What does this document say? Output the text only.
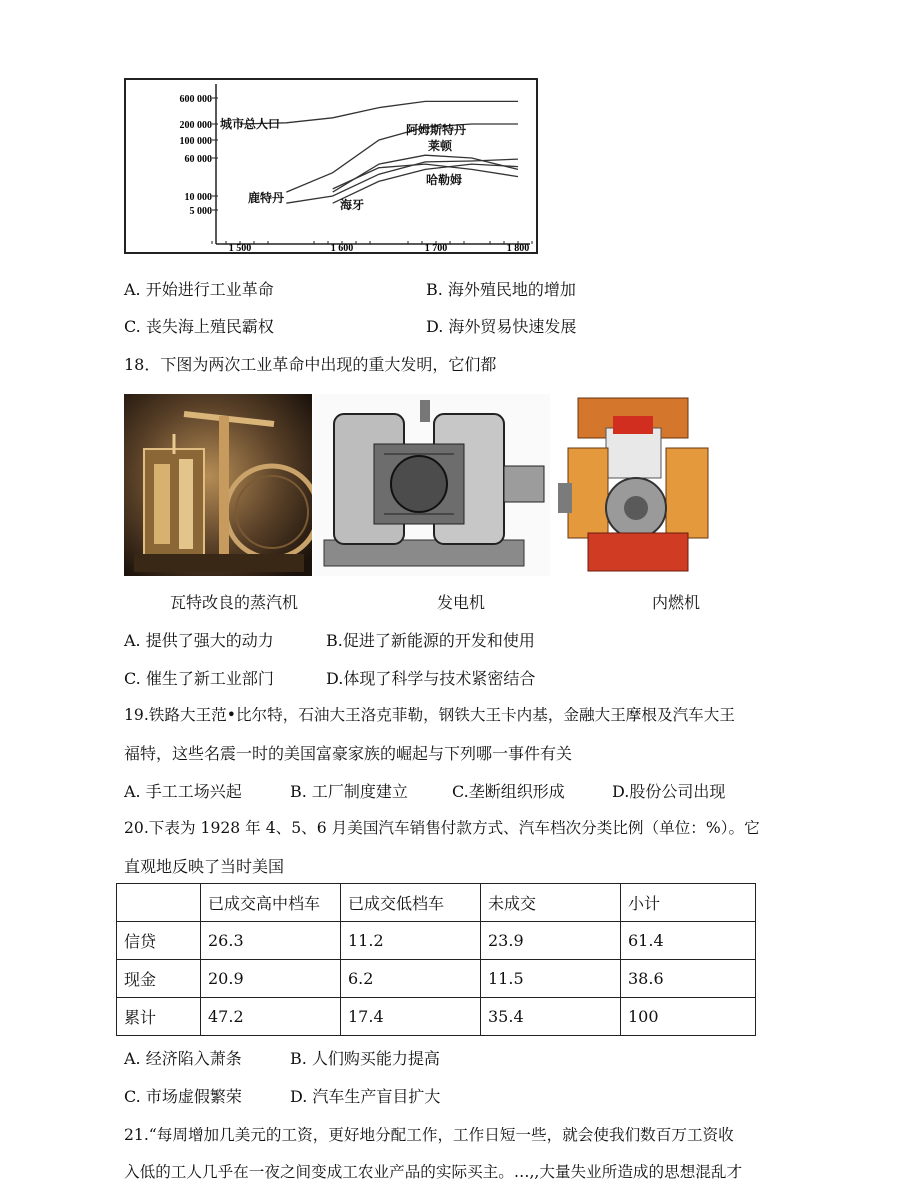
600 000
200 000
100 000
60 000
10 000
5 000
1 500	1 600	1 700	1 800
城市总人口	阿姆斯特丹
莱顿
哈勒姆
鹿特丹	海牙
A. 开始进行工业革命	B. 海外殖民地的增加
C. 丧失海上殖民霸权	D. 海外贸易快速发展
18．下图为两次工业革命中出现的重大发明，它们都
瓦特改良的蒸汽机	发电机	内燃机
A. 提供了强大的动力	B.促进了新能源的开发和使用
C. 催生了新工业部门	D.体现了科学与技术紧密结合
19.铁路大王范•比尔特，石油大王洛克菲勒，钢铁大王卡内基，金融大王摩根及汽车大王
福特，这些名震一时的美国富豪家族的崛起与下列哪一事件有关
A. 手工工场兴起	B. 工厂制度建立	C.垄断组织形成	D.股份公司出现
20.下表为 1928 年 4、5、6 月美国汽车销售付款方式、汽车档次分类比例（单位：%）。它
直观地反映了当时美国
	已成交高中档车	已成交低档车	未成交	小计
信贷	26.3	11.2	23.9	61.4
现金	20.9	6.2	11.5	38.6
累计	47.2	17.4	35.4	100
A. 经济陷入萧条	B. 人们购买能力提高
C. 市场虚假繁荣	D. 汽车生产盲目扩大
21.“每周增加几美元的工资，更好地分配工作，工作日短一些，就会使我们数百万工资收
入低的工人几乎在一夜之间变成工农业产品的实际买主。…,,大量失业所造成的思想混乱才
